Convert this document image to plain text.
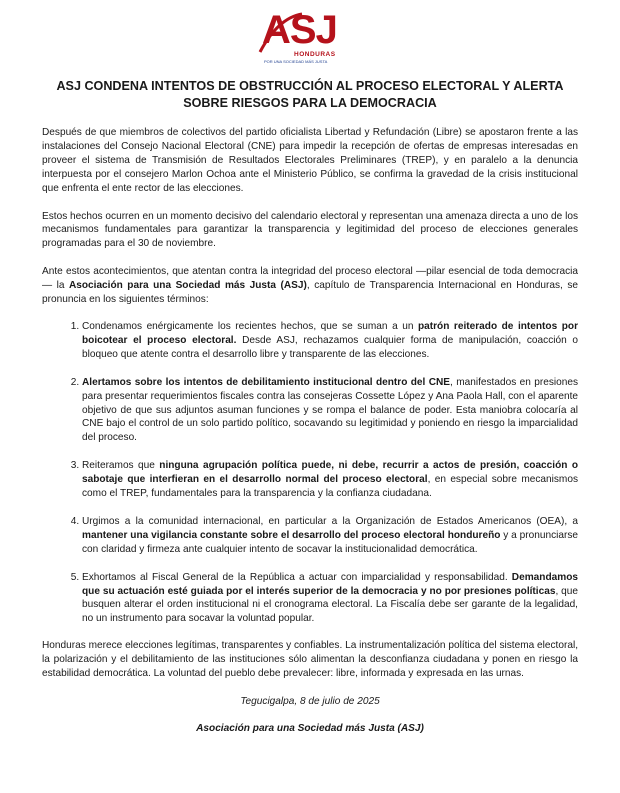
ASJ
HONDURAS
POR UNA SOCIEDAD MÁS JUSTA
ASJ CONDENA INTENTOS DE OBSTRUCCIÓN AL PROCESO ELECTORAL Y ALERTA SOBRE RIESGOS PARA LA DEMOCRACIA

Después de que miembros de colectivos del partido oficialista Libertad y Refundación (Libre) se apostaron frente a las instalaciones del Consejo Nacional Electoral (CNE) para impedir la recepción de ofertas de empresas interesadas en proveer el sistema de Transmisión de Resultados Electorales Preliminares (TREP), y en paralelo a la denuncia interpuesta por el consejero Marlon Ochoa ante el Ministerio Público, se confirma la gravedad de la crisis institucional que enfrenta el ente rector de las elecciones.

Estos hechos ocurren en un momento decisivo del calendario electoral y representan una amenaza directa a uno de los mecanismos fundamentales para garantizar la transparencia y legitimidad del proceso de elecciones generales programadas para el 30 de noviembre.

Ante estos acontecimientos, que atentan contra la integridad del proceso electoral —pilar esencial de toda democracia— la Asociación para una Sociedad más Justa (ASJ), capítulo de Transparencia Internacional en Honduras, se pronuncia en los siguientes términos:

1. Condenamos enérgicamente los recientes hechos, que se suman a un patrón reiterado de intentos por boicotear el proceso electoral. Desde ASJ, rechazamos cualquier forma de manipulación, coacción o bloqueo que atente contra el desarrollo libre y transparente de las elecciones.
2. Alertamos sobre los intentos de debilitamiento institucional dentro del CNE, manifestados en presiones para presentar requerimientos fiscales contra las consejeras Cossette López y Ana Paola Hall, con el aparente objetivo de que sus adjuntos asuman funciones y se rompa el balance de poder. Esta maniobra colocaría al CNE bajo el control de un solo partido político, socavando su legitimidad y poniendo en riesgo la imparcialidad del proceso.
3. Reiteramos que ninguna agrupación política puede, ni debe, recurrir a actos de presión, coacción o sabotaje que interfieran en el desarrollo normal del proceso electoral, en especial sobre mecanismos como el TREP, fundamentales para la transparencia y la confianza ciudadana.
4. Urgimos a la comunidad internacional, en particular a la Organización de Estados Americanos (OEA), a mantener una vigilancia constante sobre el desarrollo del proceso electoral hondureño y a pronunciarse con claridad y firmeza ante cualquier intento de socavar la institucionalidad democrática.
5. Exhortamos al Fiscal General de la República a actuar con imparcialidad y responsabilidad. Demandamos que su actuación esté guiada por el interés superior de la democracia y no por presiones políticas, que busquen alterar el orden institucional ni el cronograma electoral. La Fiscalía debe ser garante de la legalidad, no un instrumento para socavar la voluntad popular.

Honduras merece elecciones legítimas, transparentes y confiables. La instrumentalización política del sistema electoral, la polarización y el debilitamiento de las instituciones sólo alimentan la desconfianza ciudadana y ponen en riesgo la estabilidad democrática. La voluntad del pueblo debe prevalecer: libre, informada y expresada en las urnas.

Tegucigalpa, 8 de julio de 2025

Asociación para una Sociedad más Justa (ASJ)
